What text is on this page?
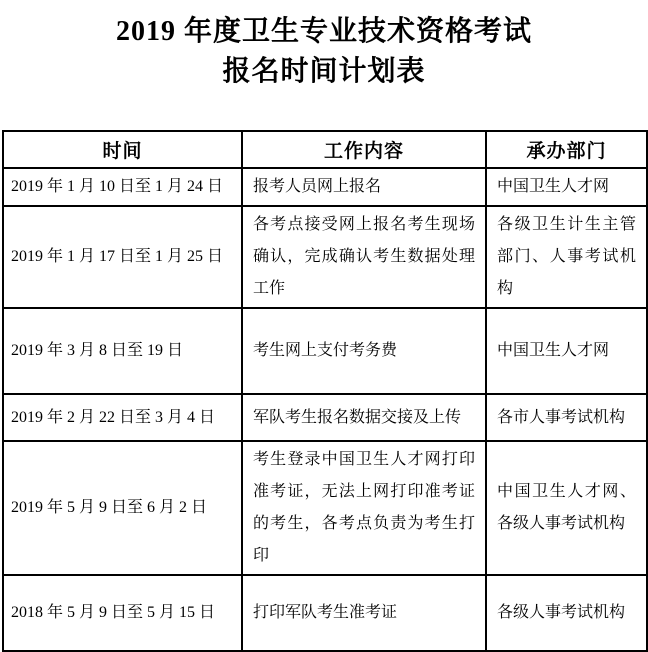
2019 年度卫生专业技术资格考试
报名时间计划表
时间	工作内容	承办部门
2019 年 1 月 10 日至 1 月 24 日	报考人员网上报名	中国卫生人才网
2019 年 1 月 17 日至 1 月 25 日	各考点接受网上报名考生现场确认，完成确认考生数据处理工作	各级卫生计生主管部门、人事考试机构
2019 年 3 月 8 日至 19 日	考生网上支付考务费	中国卫生人才网
2019 年 2 月 22 日至 3 月 4 日	军队考生报名数据交接及上传	各市人事考试机构
2019 年 5 月 9 日至 6 月 2 日	考生登录中国卫生人才网打印准考证，无法上网打印准考证的考生，各考点负责为考生打印	中国卫生人才网、各级人事考试机构
2018 年 5 月 9 日至 5 月 15 日	打印军队考生准考证	各级人事考试机构
